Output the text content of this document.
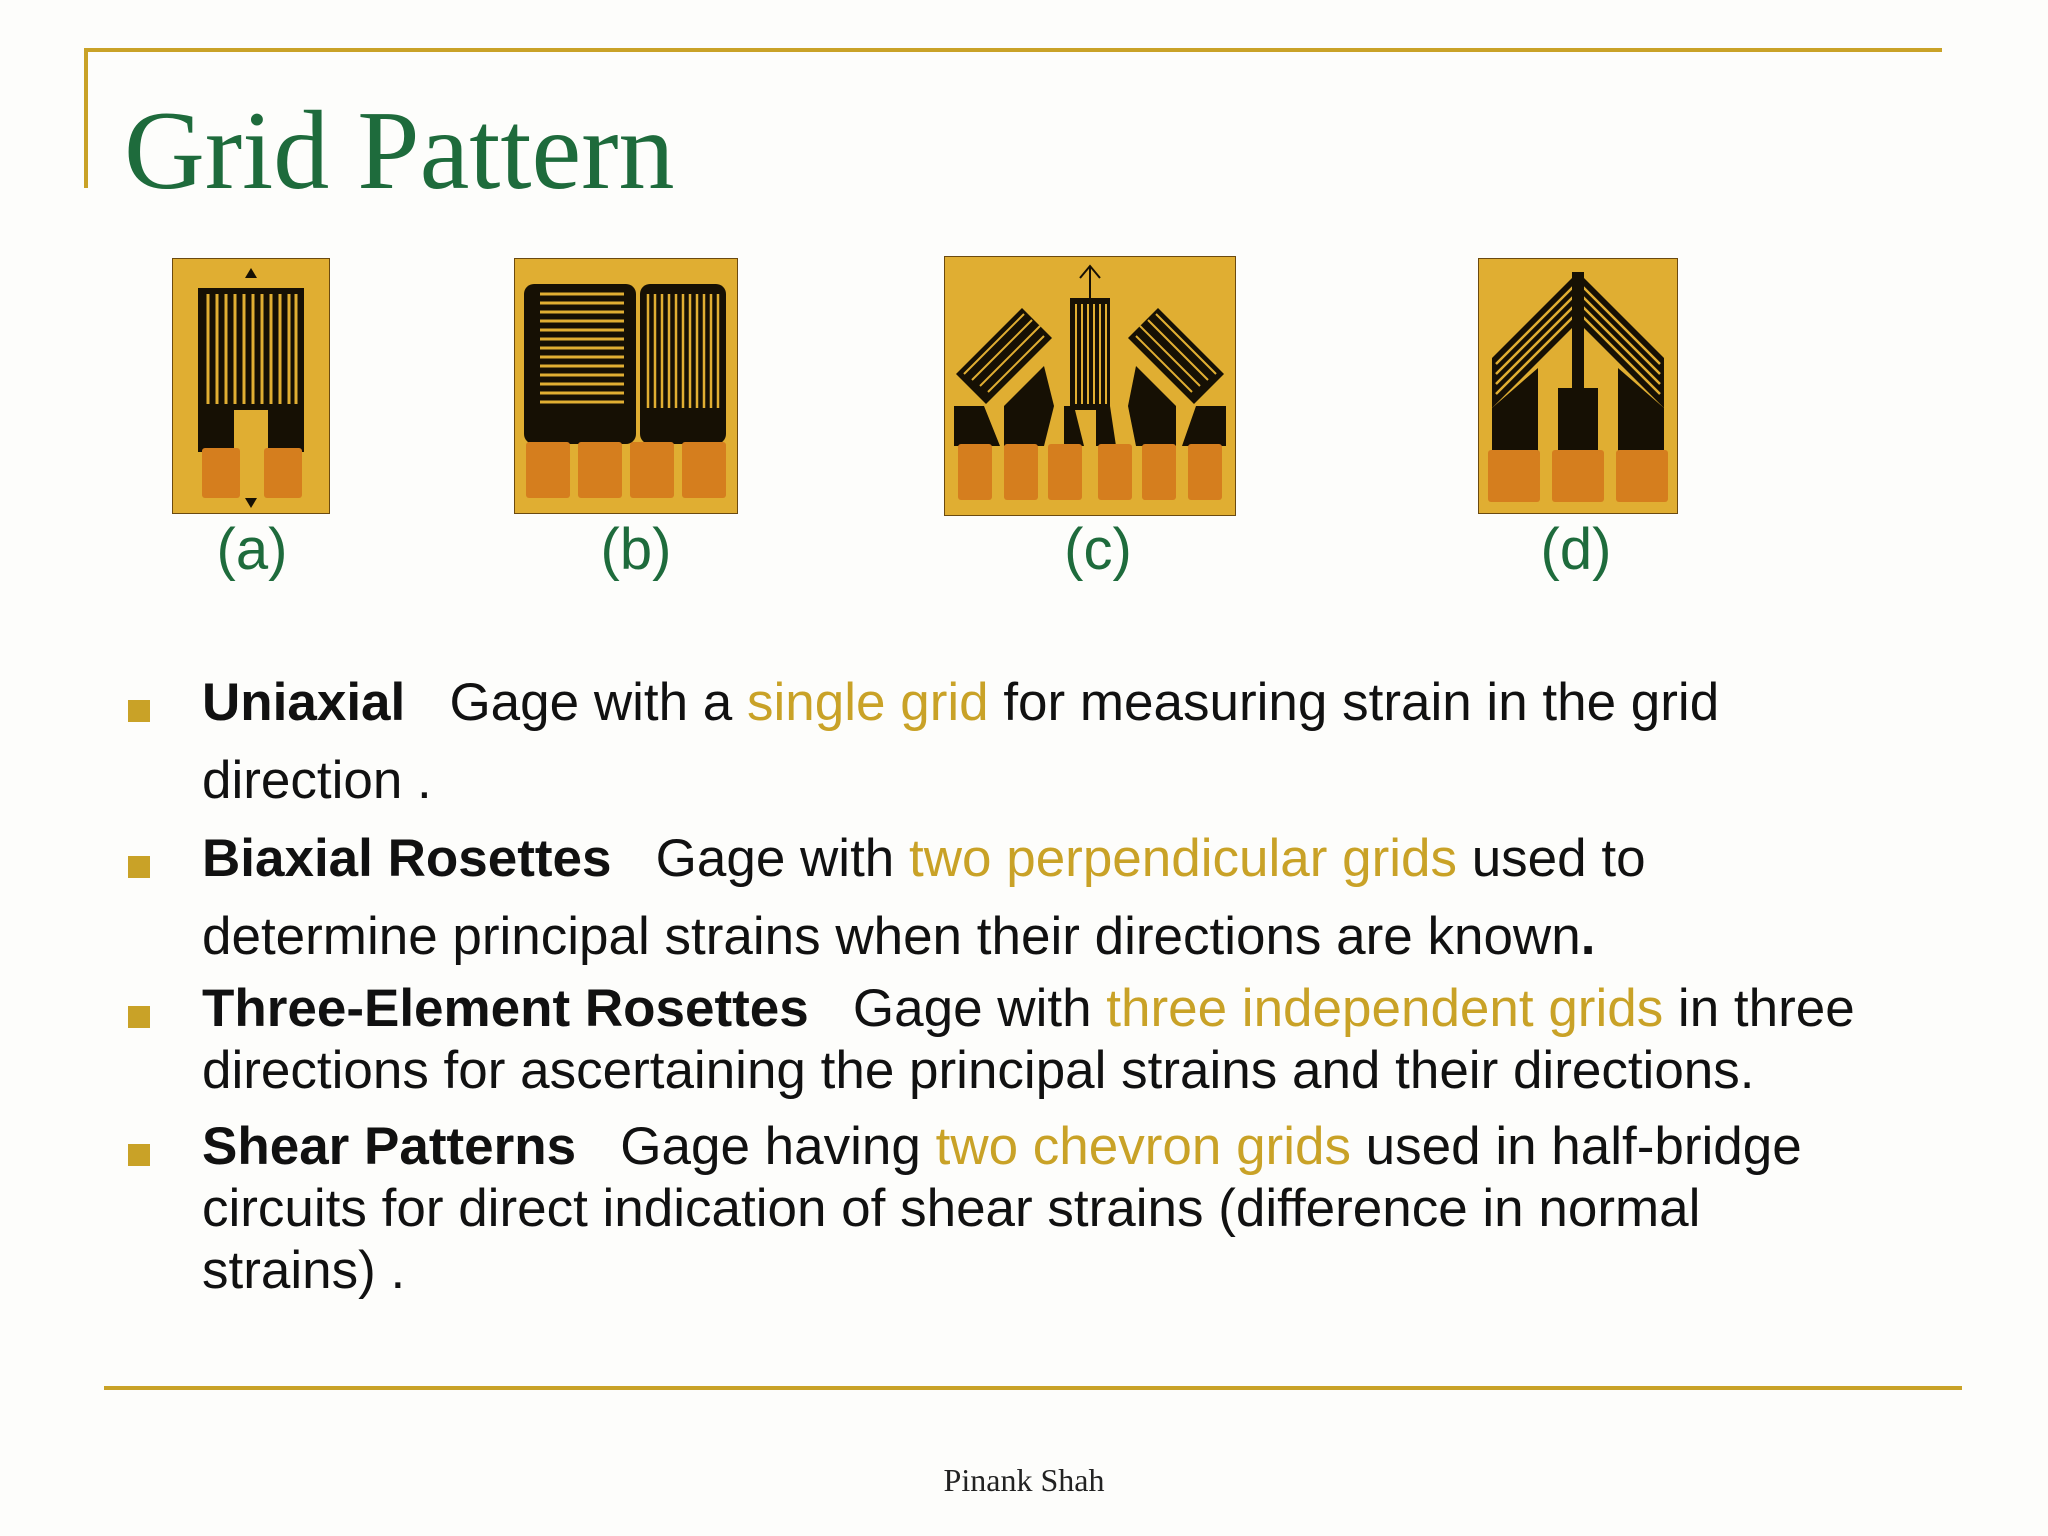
Grid Pattern
(a)	(b)	(c)	(d)

Uniaxial Gage with a single grid for measuring strain in the grid
direction .

Biaxial Rosettes Gage with two perpendicular grids used to
determine principal strains when their directions are known.

Three-Element Rosettes Gage with three independent grids in three
directions for ascertaining the principal strains and their directions.

Shear Patterns Gage having two chevron grids used in half-bridge
circuits for direct indication of shear strains (difference in normal
strains) .

Pinank Shah
